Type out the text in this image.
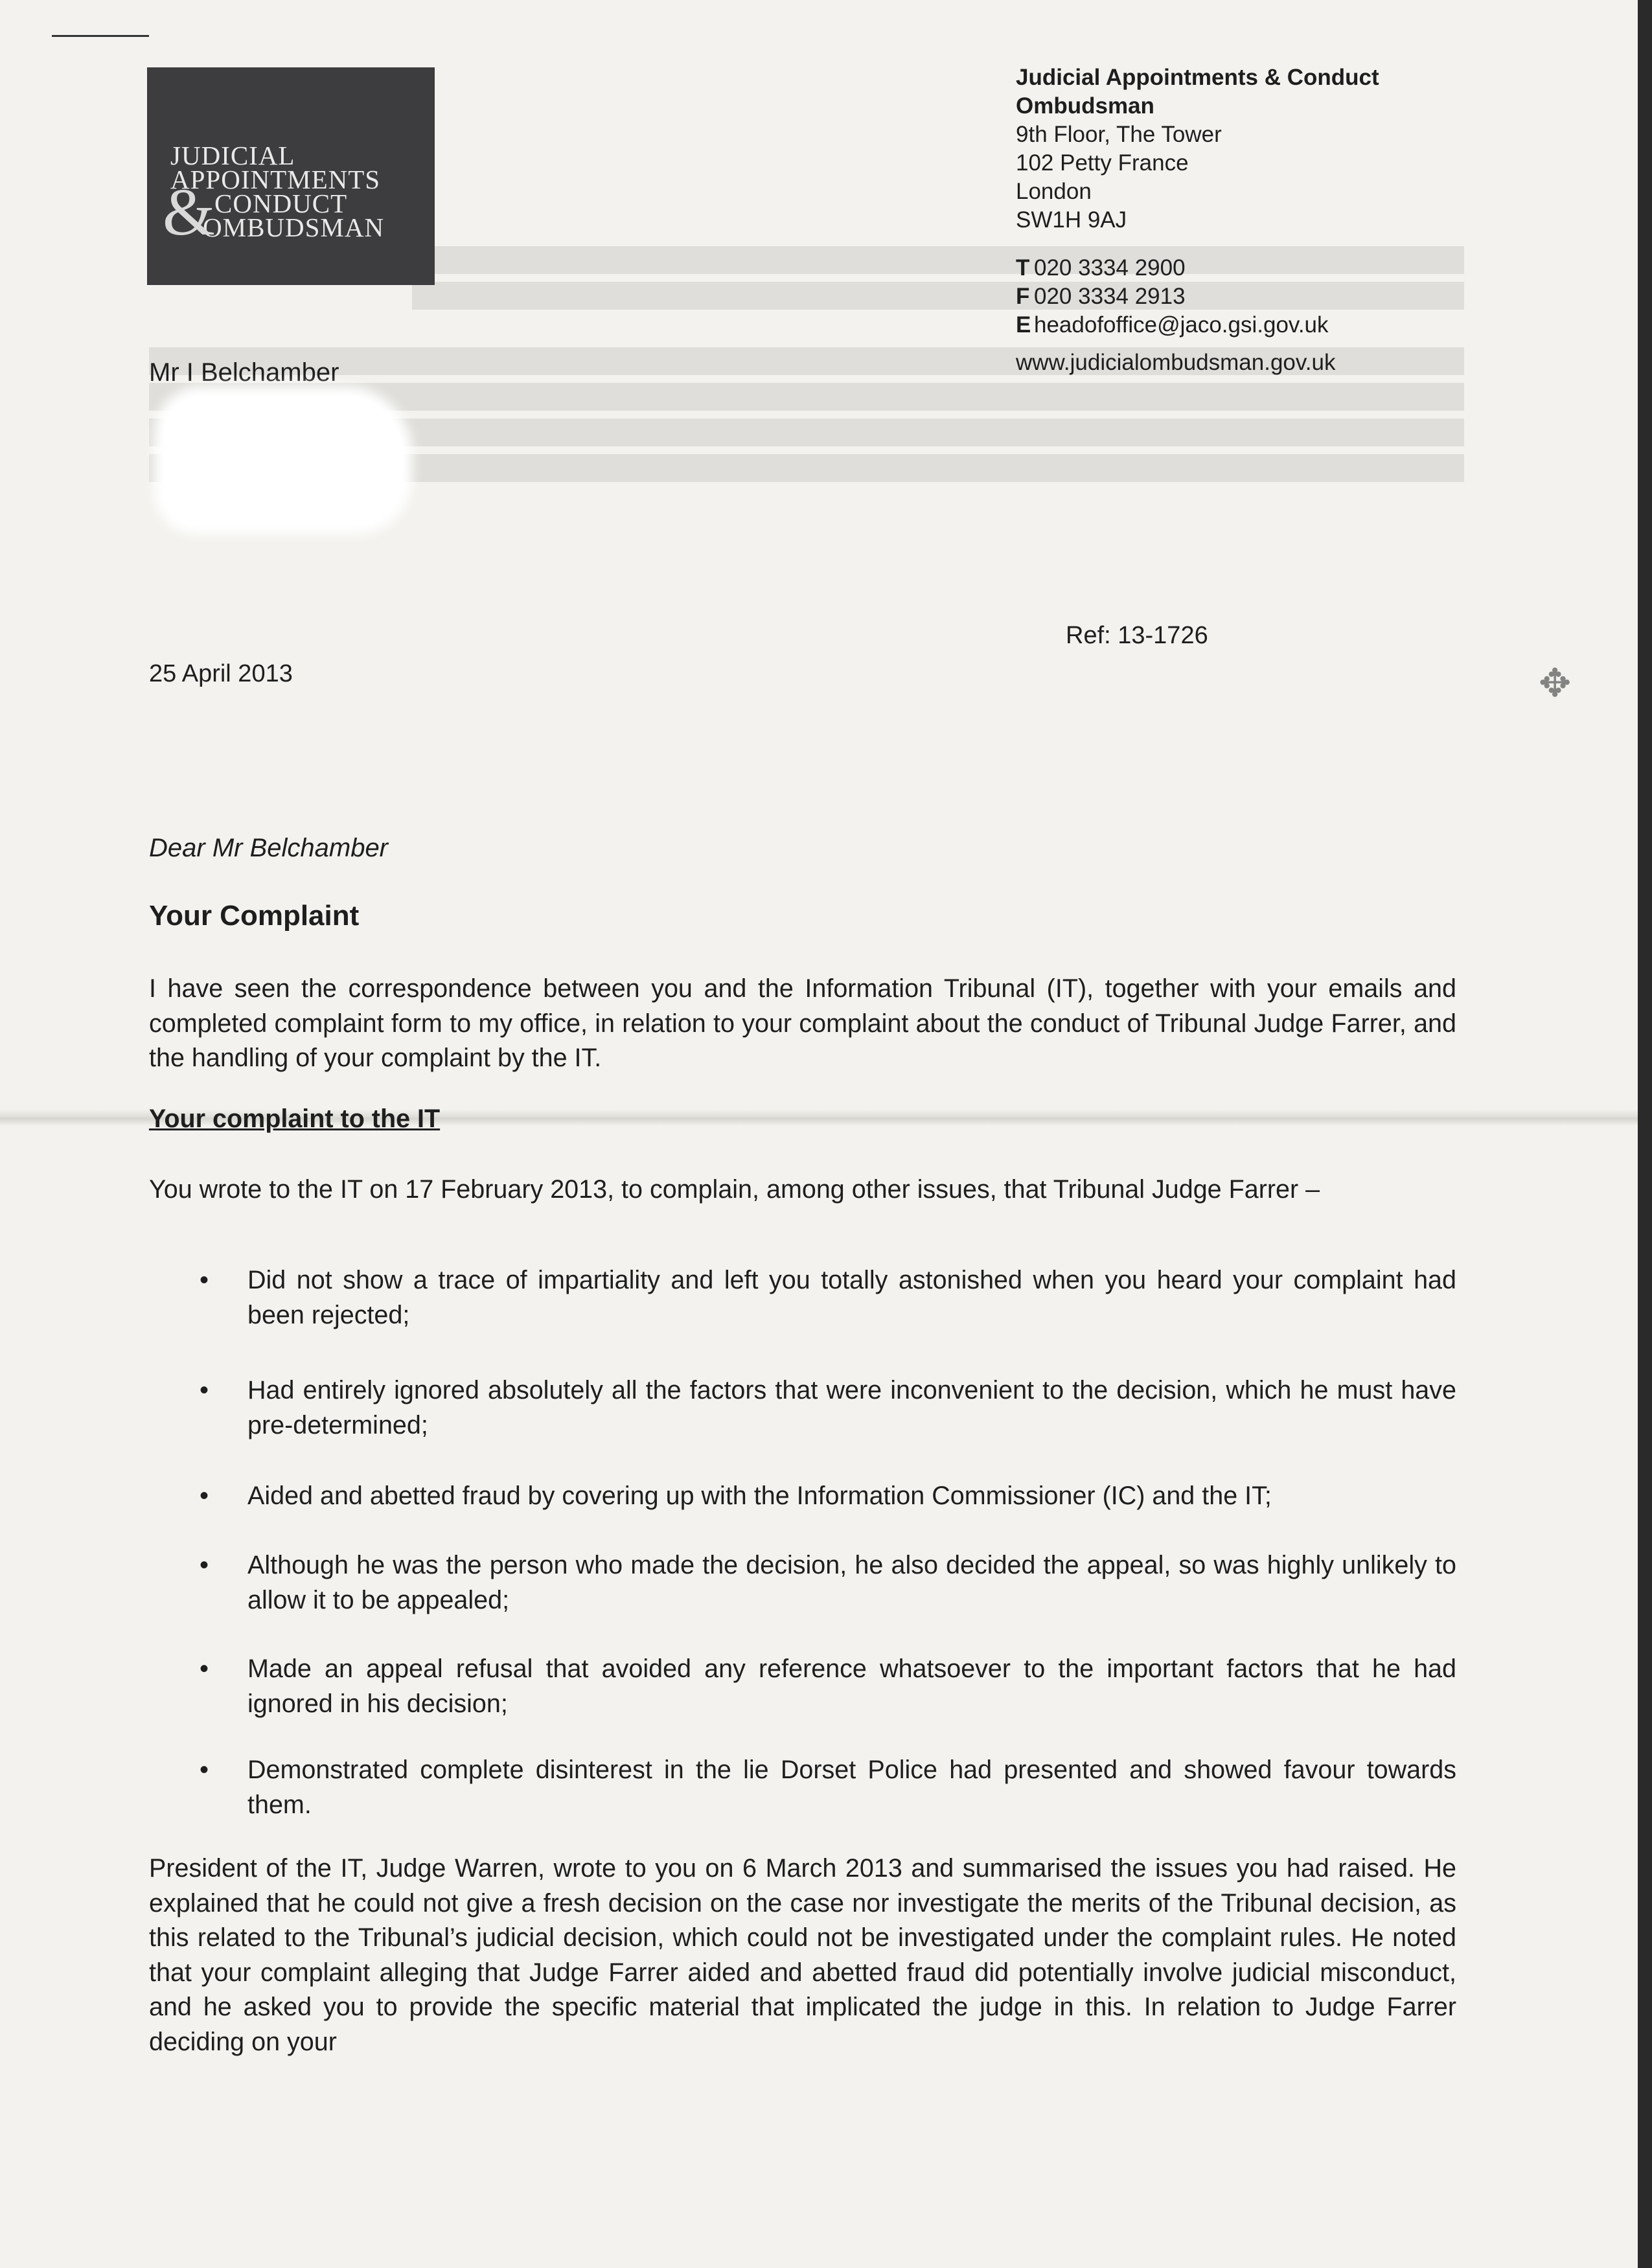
JUDICIAL
APPOINTMENTS
CONDUCT
OMBUDSMAN
&
Judicial Appointments & Conduct
Ombudsman
9th Floor, The Tower
102 Petty France
London
SW1H 9AJ
T 020 3334 2900
F 020 3334 2913
E headofoffice@jaco.gsi.gov.uk
www.judicialombudsman.gov.uk
Mr I Belchamber
Ref: 13-1726
25 April 2013	✥
Dear Mr Belchamber
Your Complaint
I have seen the correspondence between you and the Information Tribunal (IT), together with your emails and completed complaint form to my office, in relation to your complaint about the conduct of Tribunal Judge Farrer, and the handling of your complaint by the IT.
Your complaint to the IT
You wrote to the IT on 17 February 2013, to complain, among other issues, that Tribunal Judge Farrer –
• Did not show a trace of impartiality and left you totally astonished when you heard your complaint had been rejected;
• Had entirely ignored absolutely all the factors that were inconvenient to the decision, which he must have pre-determined;
• Aided and abetted fraud by covering up with the Information Commissioner (IC) and the IT;
• Although he was the person who made the decision, he also decided the appeal, so was highly unlikely to allow it to be appealed;
• Made an appeal refusal that avoided any reference whatsoever to the important factors that he had ignored in his decision;
• Demonstrated complete disinterest in the lie Dorset Police had presented and showed favour towards them.
President of the IT, Judge Warren, wrote to you on 6 March 2013 and summarised the issues you had raised. He explained that he could not give a fresh decision on the case nor investigate the merits of the Tribunal decision, as this related to the Tribunal’s judicial decision, which could not be investigated under the complaint rules. He noted that your complaint alleging that Judge Farrer aided and abetted fraud did potentially involve judicial misconduct, and he asked you to provide the specific material that implicated the judge in this. In relation to Judge Farrer deciding on your
